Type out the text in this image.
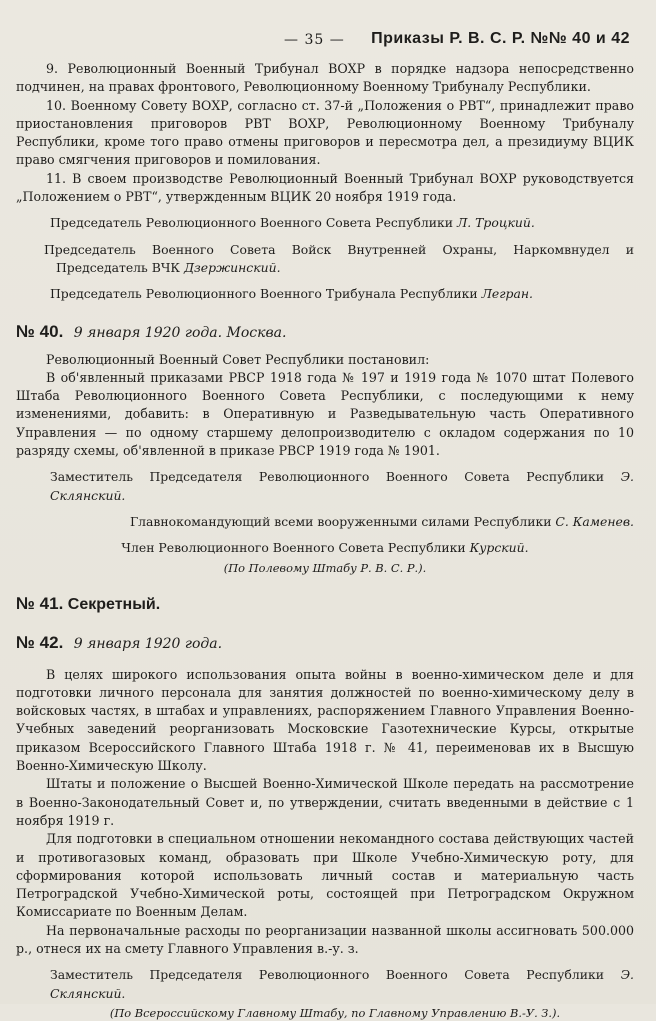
— 35 — Приказы Р. В. С. Р. №№ 40 и 42

9. Революционный Военный Трибунал ВОХР в порядке надзора непосредственно подчинен, на правах фронтового, Революционному Военному Трибуналу Республики.

10. Военному Совету ВОХР, согласно ст. 37-й „Положения о РВТ“, принадлежит право приостановления приговоров РВТ ВОХР, Революционному Военному Трибуналу Республики, кроме того право отмены приговоров и пересмотра дел, а президиуму ВЦИК право смягчения приговоров и помилования.

11. В своем производстве Революционный Военный Трибунал ВОХР руководствуется „Положением о РВТ“, утвержденным ВЦИК 20 ноября 1919 года.

Председатель Революционного Военного Совета Республики Л. Троцкий.
Председатель Военного Совета Войск Внутренней Охраны, Наркомвнудел и Председатель ВЧК Дзержинский.
Председатель Революционного Военного Трибунала Республики Легран.
№ 40. 9 января 1920 года. Москва.

Революционный Военный Совет Республики постановил:

В об'явленный приказами РВСР 1918 года № 197 и 1919 года № 1070 штат Полевого Штаба Революционного Военного Совета Республики, с последующими к нему изменениями, добавить: в Оперативную и Разведывательную часть Оперативного Управления — по одному старшему делопроизводителю с окладом содержания по 10 разряду схемы, об'явленной в приказе РВСР 1919 года № 1901.

Заместитель Председателя Революционного Военного Совета Республики Э. Склянский.
Главнокомандующий всеми вооруженными силами Республики С. Каменев.
Член Революционного Военного Совета Республики Курский.
(По Полевому Штабу Р. В. С. Р.).
№ 41. Секретный.
№ 42. 9 января 1920 года.

В целях широкого использования опыта войны в военно-химическом деле и для подготовки личного персонала для занятия должностей по военно-химическому делу в войсковых частях, в штабах и управлениях, распоряжением Главного Управления Военно-Учебных заведений реорганизовать Московские Газотехнические Курсы, открытые приказом Всероссийского Главного Штаба 1918 г. № 41, переименовав их в Высшую Военно-Химическую Школу.

Штаты и положение о Высшей Военно-Химической Школе передать на рассмотрение в Военно-Законодательный Совет и, по утверждении, считать введенными в действие с 1 ноября 1919 г.

Для подготовки в специальном отношении некомандного состава действующих частей и противогазовых команд, образовать при Школе Учебно-Химическую роту, для сформирования которой использовать личный состав и материальную часть Петроградской Учебно-Химической роты, состоящей при Петроградском Окружном Комиссариате по Военным Делам.

На первоначальные расходы по реорганизации названной школы ассигновать 500.000 р., отнеся их на смету Главного Управления в.-у. з.

Заместитель Председателя Революционного Военного Совета Республики Э. Склянский.
(По Всероссийскому Главному Штабу, по Главному Управлению В.-У. З.).
